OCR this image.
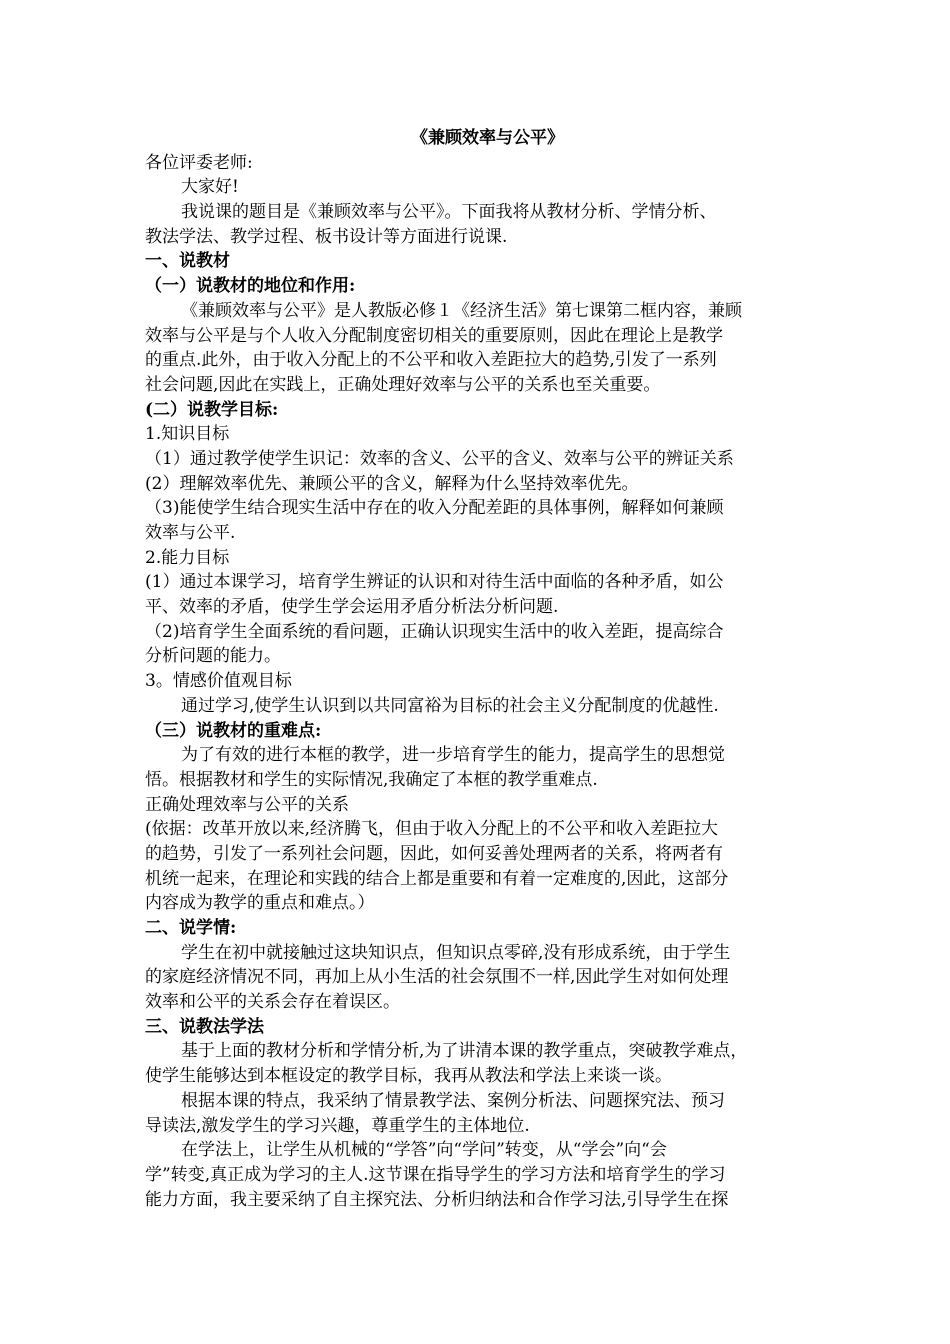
《兼顾效率与公平》
各位评委老师:
大家好!
我说课的题目是《兼顾效率与公平》。下面我将从教材分析、学情分析、
教法学法、教学过程、板书设计等方面进行说课.
一、说教材
（一）说教材的地位和作用:
《兼顾效率与公平》是人教版必修１《经济生活》第七课第二框内容，兼顾
效率与公平是与个人收入分配制度密切相关的重要原则，因此在理论上是教学
的重点.此外，由于收入分配上的不公平和收入差距拉大的趋势,引发了一系列
社会问题,因此在实践上，正确处理好效率与公平的关系也至关重要。
(二）说教学目标:
1.知识目标
（1）通过教学使学生识记：效率的含义、公平的含义、效率与公平的辨证关系
(2）理解效率优先、兼顾公平的含义，解释为什么坚持效率优先。
（3)能使学生结合现实生活中存在的收入分配差距的具体事例，解释如何兼顾
效率与公平.
2.能力目标
(1）通过本课学习，培育学生辨证的认识和对待生活中面临的各种矛盾，如公
平、效率的矛盾，使学生学会运用矛盾分析法分析问题.
（2)培育学生全面系统的看问题，正确认识现实生活中的收入差距，提高综合
分析问题的能力。
3。情感价值观目标
通过学习,使学生认识到以共同富裕为目标的社会主义分配制度的优越性.
（三）说教材的重难点:
为了有效的进行本框的教学，进一步培育学生的能力，提高学生的思想觉
悟。根据教材和学生的实际情况,我确定了本框的教学重难点.
正确处理效率与公平的关系
(依据：改革开放以来,经济腾飞，但由于收入分配上的不公平和收入差距拉大
的趋势，引发了一系列社会问题，因此，如何妥善处理两者的关系，将两者有
机统一起来，在理论和实践的结合上都是重要和有着一定难度的,因此，这部分
内容成为教学的重点和难点。）
二、说学情:
学生在初中就接触过这块知识点，但知识点零碎,没有形成系统，由于学生
的家庭经济情况不同，再加上从小生活的社会氛围不一样,因此学生对如何处理
效率和公平的关系会存在着误区。
三、说教法学法
基于上面的教材分析和学情分析,为了讲清本课的教学重点，突破教学难点，
使学生能够达到本框设定的教学目标，我再从教法和学法上来谈一谈。
根据本课的特点，我采纳了情景教学法、案例分析法、问题探究法、预习
导读法,激发学生的学习兴趣，尊重学生的主体地位.
在学法上，让学生从机械的“学答”向“学问”转变，从“学会”向“会
学”转变,真正成为学习的主人.这节课在指导学生的学习方法和培育学生的学习
能力方面，我主要采纳了自主探究法、分析归纳法和合作学习法,引导学生在探
